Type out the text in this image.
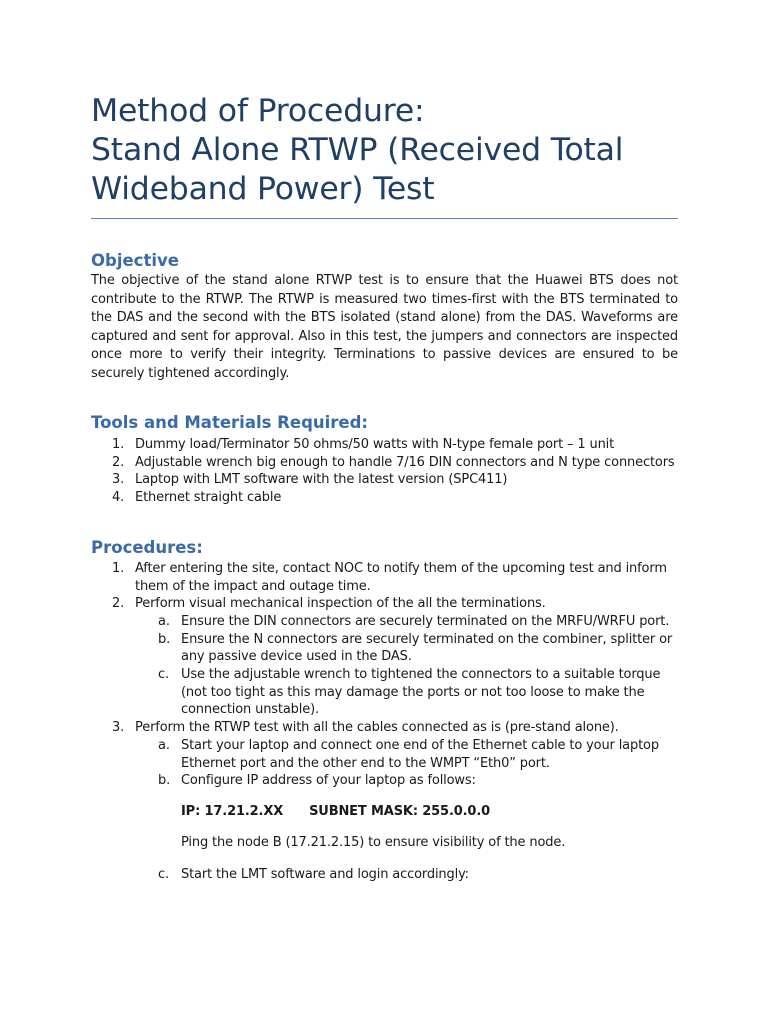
Method of Procedure:
Stand Alone RTWP (Received Total
Wideband Power) Test
Objective

The objective of the stand alone RTWP test is to ensure that the Huawei BTS does not contribute to the RTWP. The RTWP is measured two times-first with the BTS terminated to the DAS and the second with the BTS isolated (stand alone) from the DAS. Waveforms are captured and sent for approval. Also in this test, the jumpers and connectors are inspected once more to verify their integrity. Terminations to passive devices are ensured to be securely tightened accordingly.

Tools and Materials Required:
1. Dummy load/Terminator 50 ohms/50 watts with N-type female port – 1 unit
2. Adjustable wrench big enough to handle 7/16 DIN connectors and N type connectors
3. Laptop with LMT software with the latest version (SPC411)
4. Ethernet straight cable
Procedures:
1. After entering the site, contact NOC to notify them of the upcoming test and inform them of the impact and outage time.
2. Perform visual mechanical inspection of the all the terminations.
a. Ensure the DIN connectors are securely terminated on the MRFU/WRFU port.
b. Ensure the N connectors are securely terminated on the combiner, splitter or any passive device used in the DAS.
c. Use the adjustable wrench to tightened the connectors to a suitable torque (not too tight as this may damage the ports or not too loose to make the connection unstable).
3. Perform the RTWP test with all the cables connected as is (pre-stand alone).
a. Start your laptop and connect one end of the Ethernet cable to your laptop Ethernet port and the other end to the WMPT “Eth0” port.
b. Configure IP address of your laptop as follows:
IP: 17.21.2.XX SUBNET MASK: 255.0.0.0
Ping the node B (17.21.2.15) to ensure visibility of the node.
c. Start the LMT software and login accordingly:
